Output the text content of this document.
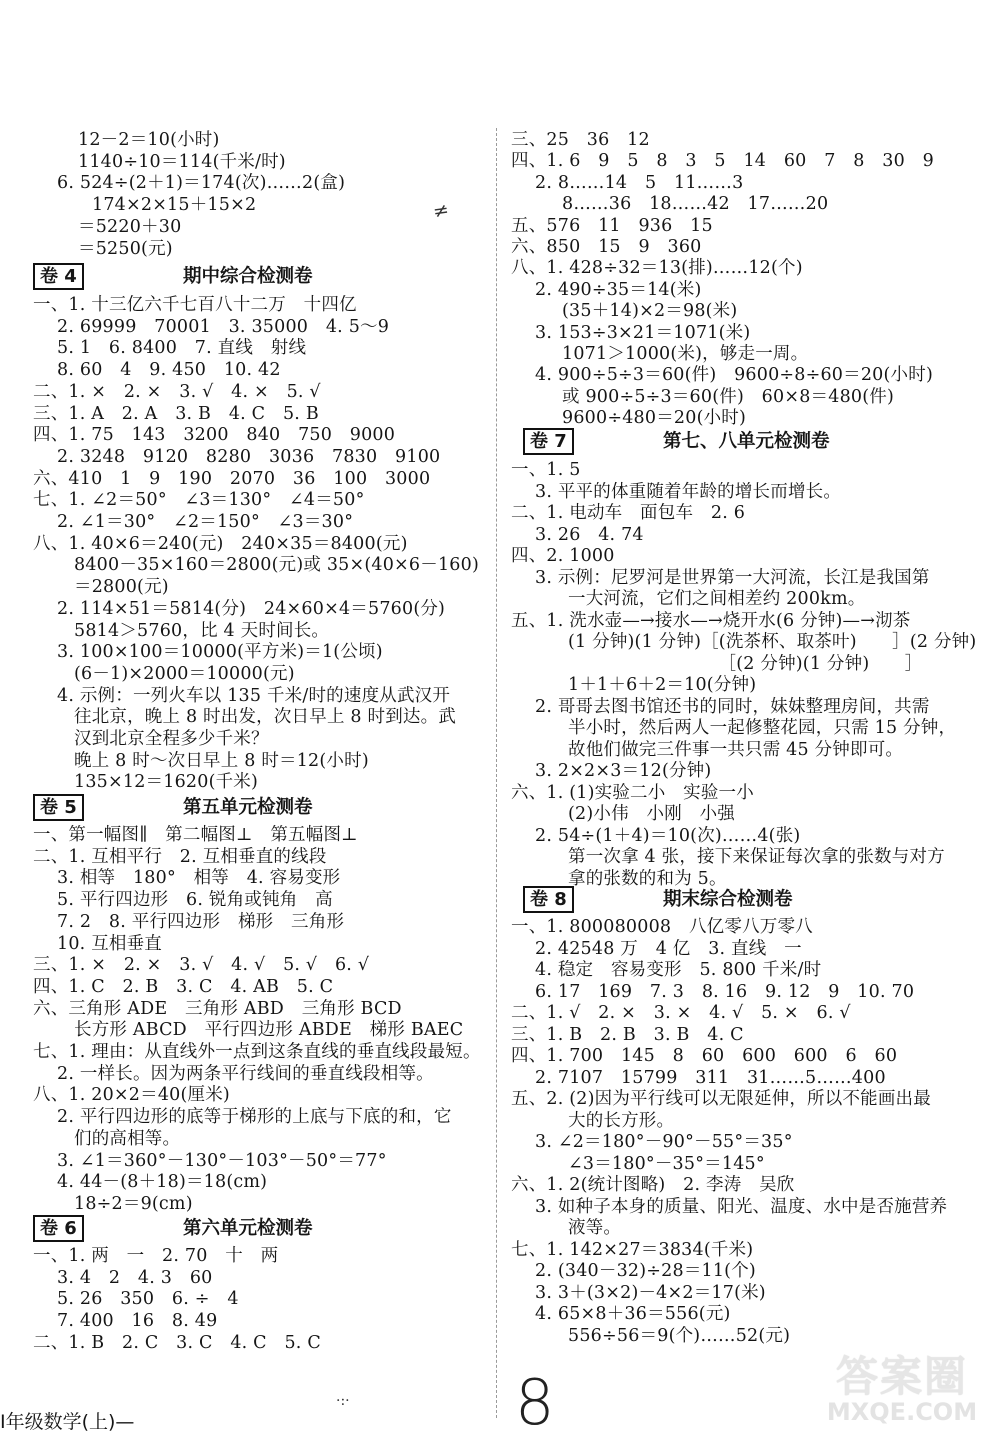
12－2＝10(小时)
1140÷10＝114(千米/时)
6. 524÷(2＋1)＝174(次)……2(盒)
174×2×15＋15×2
＝5220＋30
＝5250(元)
卷 4	期中综合检测卷
一、1. 十三亿六千七百八十二万　十四亿
2. 69999　70001　3. 35000　4. 5～9
5. 1　6. 8400　7. 直线　射线
8. 60　4　9. 450　10. 42
二、1. ×　2. ×　3. √　4. ×　5. √
三、1. A　2. A　3. B　4. C　5. B
四、1. 75　143　3200　840　750　9000
2. 3248　9120　8280　3036　7830　9100
六、410　1　9　190　2070　36　100　3000
七、1. ∠2＝50°　∠3＝130°　∠4＝50°
2. ∠1＝30°　∠2＝150°　∠3＝30°
八、1. 40×6＝240(元)　240×35＝8400(元)
8400－35×160＝2800(元)或 35×(40×6－160)
＝2800(元)
2. 114×51＝5814(分)　24×60×4＝5760(分)
5814＞5760，比 4 天时间长。
3. 100×100＝10000(平方米)＝1(公顷)
(6－1)×2000＝10000(元)
4. 示例：一列火车以 135 千米/时的速度从武汉开
往北京，晚上 8 时出发，次日早上 8 时到达。武
汉到北京全程多少千米？
晚上 8 时～次日早上 8 时＝12(小时)
135×12＝1620(千米)
卷 5	第五单元检测卷
一、第一幅图∥　第二幅图⊥　第五幅图⊥
二、1. 互相平行　2. 互相垂直的线段
3. 相等　180°　相等　4. 容易变形
5. 平行四边形　6. 锐角或钝角　高
7. 2　8. 平行四边形　梯形　三角形
10. 互相垂直
三、1. ×　2. ×　3. √　4. √　5. √　6. √
四、1. C　2. B　3. C　4. AB　5. C
六、三角形 ADE　三角形 ABD　三角形 BCD
长方形 ABCD　平行四边形 ABDE　梯形 BAEC
七、1. 理由：从直线外一点到这条直线的垂直线段最短。
2. 一样长。因为两条平行线间的垂直线段相等。
八、1. 20×2＝40(厘米)
2. 平行四边形的底等于梯形的上底与下底的和，它
们的高相等。
3. ∠1＝360°－130°－103°－50°＝77°
4. 44－(8＋18)＝18(cm)
18÷2＝9(cm)
卷 6	第六单元检测卷
一、1. 两　一　2. 70　十　两
3. 4　2　4. 3　60
5. 26　350　6. ÷　4
7. 400　16　8. 49
二、1. B　2. C　3. C　4. C　5. C
三、25　36　12
四、1. 6　9　5　8　3　5　14　60　7　8　30　9
2. 8……14　5　11……3
8……36　18……42　17……20
五、576　11　936　15
六、850　15　9　360
八、1. 428÷32＝13(排)……12(个)
2. 490÷35＝14(米)
(35＋14)×2＝98(米)
3. 153÷3×21＝1071(米)
1071＞1000(米)，够走一周。
4. 900÷5÷3＝60(件)　9600÷8÷60＝20(小时)
或 900÷5÷3＝60(件)　60×8＝480(件)
9600÷480＝20(小时)
卷 7	第七、八单元检测卷
一、1. 5
3. 平平的体重随着年龄的增长而增长。
二、1. 电动车　面包车　2. 6
3. 26　4. 74
四、2. 1000
3. 示例：尼罗河是世界第一大河流，长江是我国第
一大河流，它们之间相差约 200km。
五、1. 洗水壶—→接水—→烧开水(6 分钟)—→沏茶
(1 分钟)(1 分钟)［(洗茶杯、取茶叶)　　］(2 分钟)
　　　　　　　　　［(2 分钟)(1 分钟)　　］
1＋1＋6＋2＝10(分钟)
2. 哥哥去图书馆还书的同时，妹妹整理房间，共需
半小时，然后两人一起修整花园，只需 15 分钟，
故他们做完三件事一共只需 45 分钟即可。
3. 2×2×3＝12(分钟)
六、1. (1)实验二小　实验一小
(2)小伟　小刚　小强
2. 54÷(1＋4)＝10(次)……4(张)
第一次拿 4 张，接下来保证每次拿的张数与对方
拿的张数的和为 5。
卷 8	期末综合检测卷
一、1. 800080008　八亿零八万零八
2. 42548 万　4 亿　3. 直线　一
4. 稳定　容易变形　5. 800 千米/时
6. 17　169　7. 3　8. 16　9. 12　9　10. 70
二、1. √　2. ×　3. ×　4. √　5. ×　6. √
三、1. B　2. B　3. B　4. C
四、1. 700　145　8　60　600　600　6　60
2. 7107　15799　311　31……5……400
五、2. (2)因为平行线可以无限延伸，所以不能画出最
大的长方形。
3. ∠2＝180°－90°－55°＝35°
∠3＝180°－35°＝145°
六、1. 2(统计图略)　2. 李涛　吴欣
3. 如种子本身的质量、阳光、温度、水中是否施营养
液等。
七、1. 142×27＝3834(千米)
2. (340－32)÷28＝11(个)
3. 3＋(3×2)－4×2＝17(米)
4. 65×8＋36＝556(元)
556÷56＝9(个)……52(元)
≠
·:·
I年级数学(上)—	8	答案圈
MXQE.COM
